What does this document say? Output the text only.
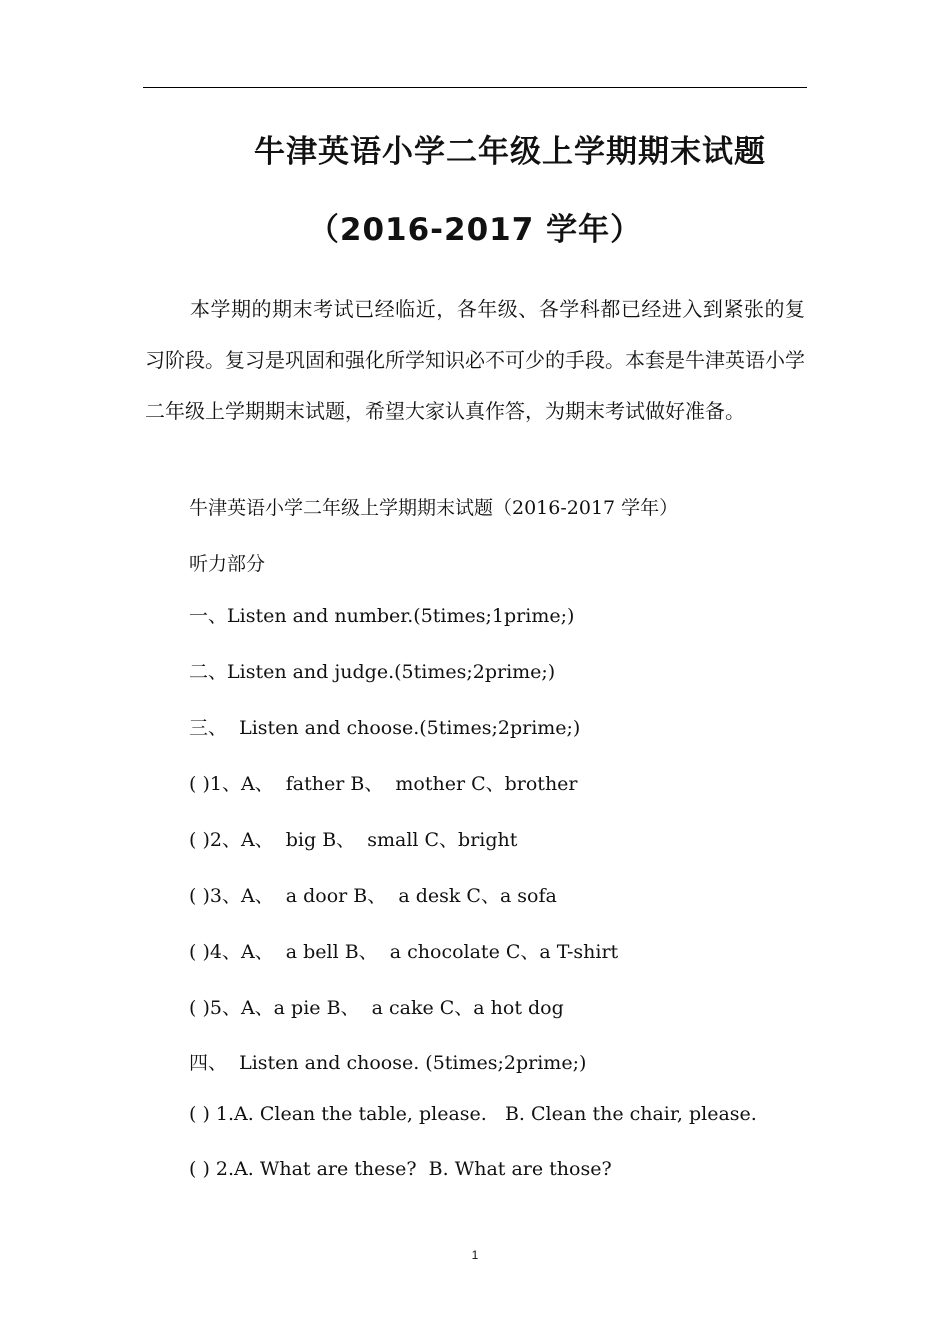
牛津英语小学二年级上学期期末试题
（2016-2017 学年）

本学期的期末考试已经临近，各年级、各学科都已经进入到紧张的复习阶段。复习是巩固和强化所学知识必不可少的手段。本套是牛津英语小学二年级上学期期末试题，希望大家认真作答，为期末考试做好准备。

牛津英语小学二年级上学期期末试题（2016-2017 学年）
听力部分
一、Listen and number.(5times;1prime;)
二、Listen and judge.(5times;2prime;)
三、  Listen and choose.(5times;2prime;)
( )1、A、  father B、  mother C、brother
( )2、A、  big B、  small C、bright
( )3、A、  a door B、  a desk C、a sofa
( )4、A、  a bell B、  a chocolate C、a T-shirt
( )5、A、a pie B、  a cake C、a hot dog
四、  Listen and choose. (5times;2prime;)
( ) 1.A. Clean the table, please.   B. Clean the chair, please.
( ) 2.A. What are these?  B. What are those?
1
